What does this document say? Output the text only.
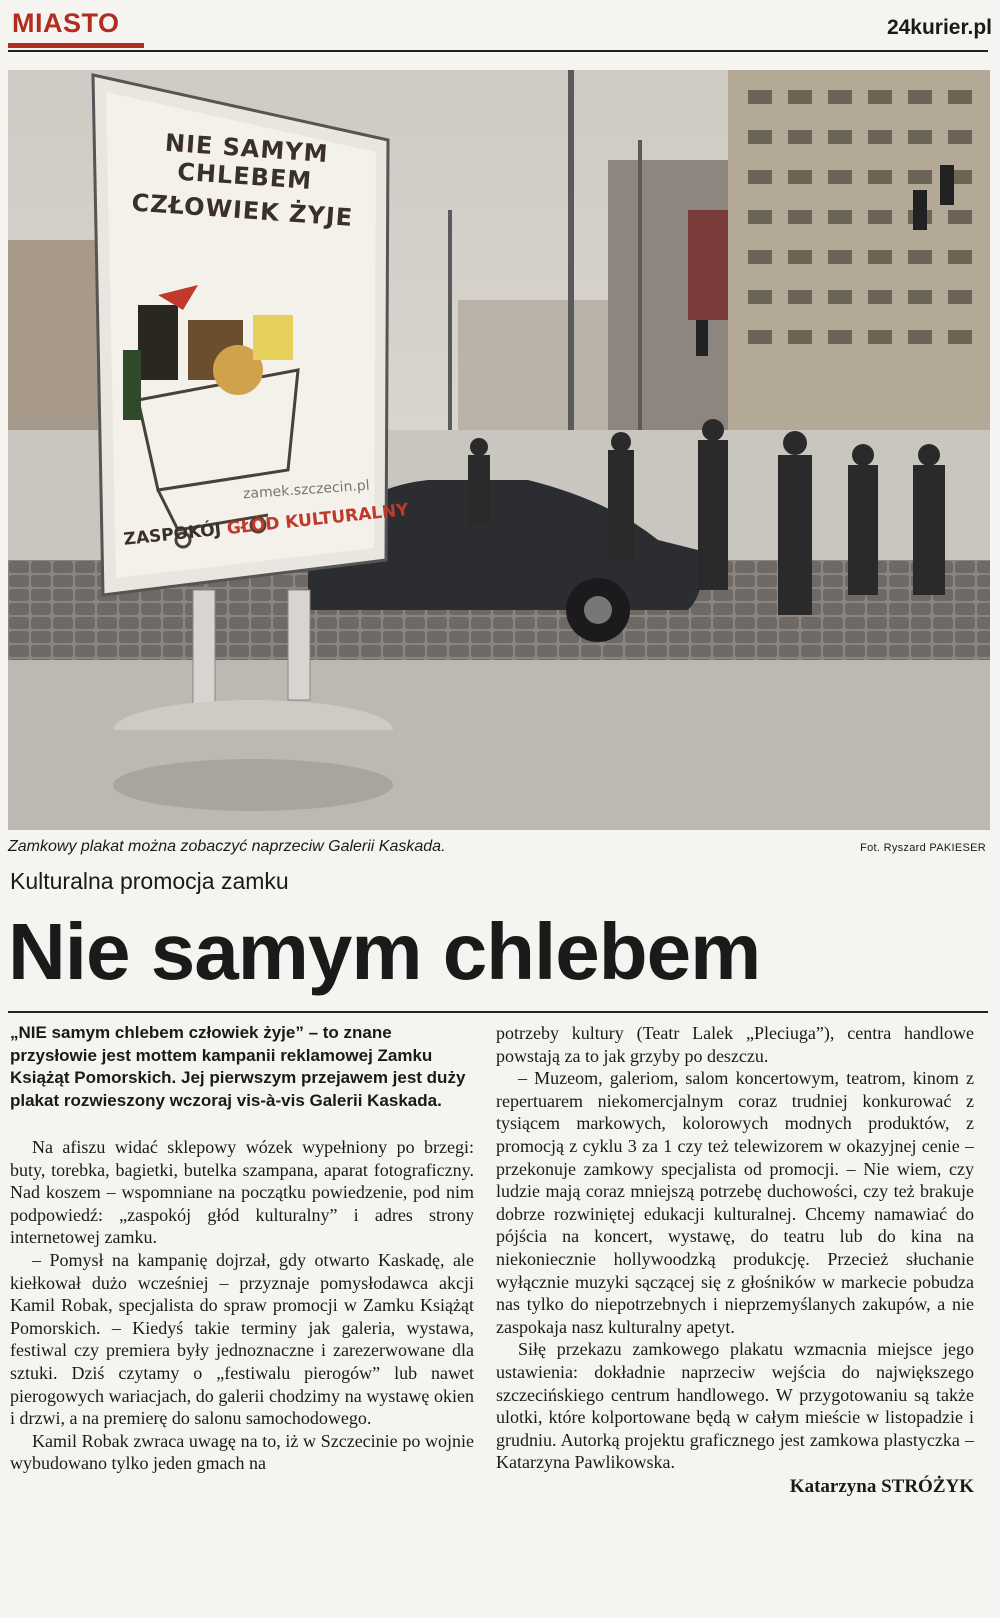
MIASTO	24kurier.pl
NIE SAMYM CHLEBEM
CZŁOWIEK ŻYJE
zamek.szczecin.pl
ZASPOKÓJ GŁÓD KULTURALNY
Zamkowy plakat można zobaczyć naprzeciw Galerii Kaskada.	Fot. Ryszard PAKIESER
Kulturalna promocja zamku
Nie samym chlebem
„NIE samym chlebem człowiek żyje” – to znane przysłowie jest mottem kampanii reklamowej Zamku Książąt Pomorskich. Jej pierwszym przejawem jest duży plakat rozwieszony wczoraj vis-à-vis Galerii Kaskada.

Na afiszu widać sklepowy wózek wypełniony po brzegi: buty, torebka, bagietki, butelka szampana, aparat fotograficzny. Nad koszem – wspomniane na początku powiedzenie, pod nim podpowiedź: „zaspokój głód kulturalny” i adres strony internetowej zamku.

– Pomysł na kampanię dojrzał, gdy otwarto Kaskadę, ale kiełkował dużo wcześniej – przyznaje pomysłodawca akcji Kamil Robak, specjalista do spraw promocji w Zamku Książąt Pomorskich. – Kiedyś takie terminy jak galeria, wystawa, festiwal czy premiera były jednoznaczne i zarezerwowane dla sztuki. Dziś czytamy o „festiwalu pierogów” lub nawet pierogowych wariacjach, do galerii chodzimy na wystawę okien i drzwi, a na premierę do salonu samochodowego.

Kamil Robak zwraca uwagę na to, iż w Szczecinie po wojnie wybudowano tylko jeden gmach na

potrzeby kultury (Teatr Lalek „Pleciuga”), centra handlowe powstają za to jak grzyby po deszczu.

– Muzeom, galeriom, salom koncertowym, teatrom, kinom z repertuarem niekomercjalnym coraz trudniej konkurować z tysiącem markowych, kolorowych modnych produktów, z promocją z cyklu 3 za 1 czy też telewizorem w okazyjnej cenie – przekonuje zamkowy specjalista od promocji. – Nie wiem, czy ludzie mają coraz mniejszą potrzebę duchowości, czy też brakuje dobrze rozwiniętej edukacji kulturalnej. Chcemy namawiać do pójścia na koncert, wystawę, do teatru lub do kina na niekoniecznie hollywoodzką produkcję. Przecież słuchanie wyłącznie muzyki sączącej się z głośników w markecie pobudza nas tylko do niepotrzebnych i nieprzemyślanych zakupów, a nie zaspokaja nasz kulturalny apetyt.

Siłę przekazu zamkowego plakatu wzmacnia miejsce jego ustawienia: dokładnie naprzeciw wejścia do największego szczecińskiego centrum handlowego. W przygotowaniu są także ulotki, które kolportowane będą w całym mieście w listopadzie i grudniu. Autorką projektu graficznego jest zamkowa plastyczka – Katarzyna Pawlikowska.

Katarzyna STRÓŻYK
